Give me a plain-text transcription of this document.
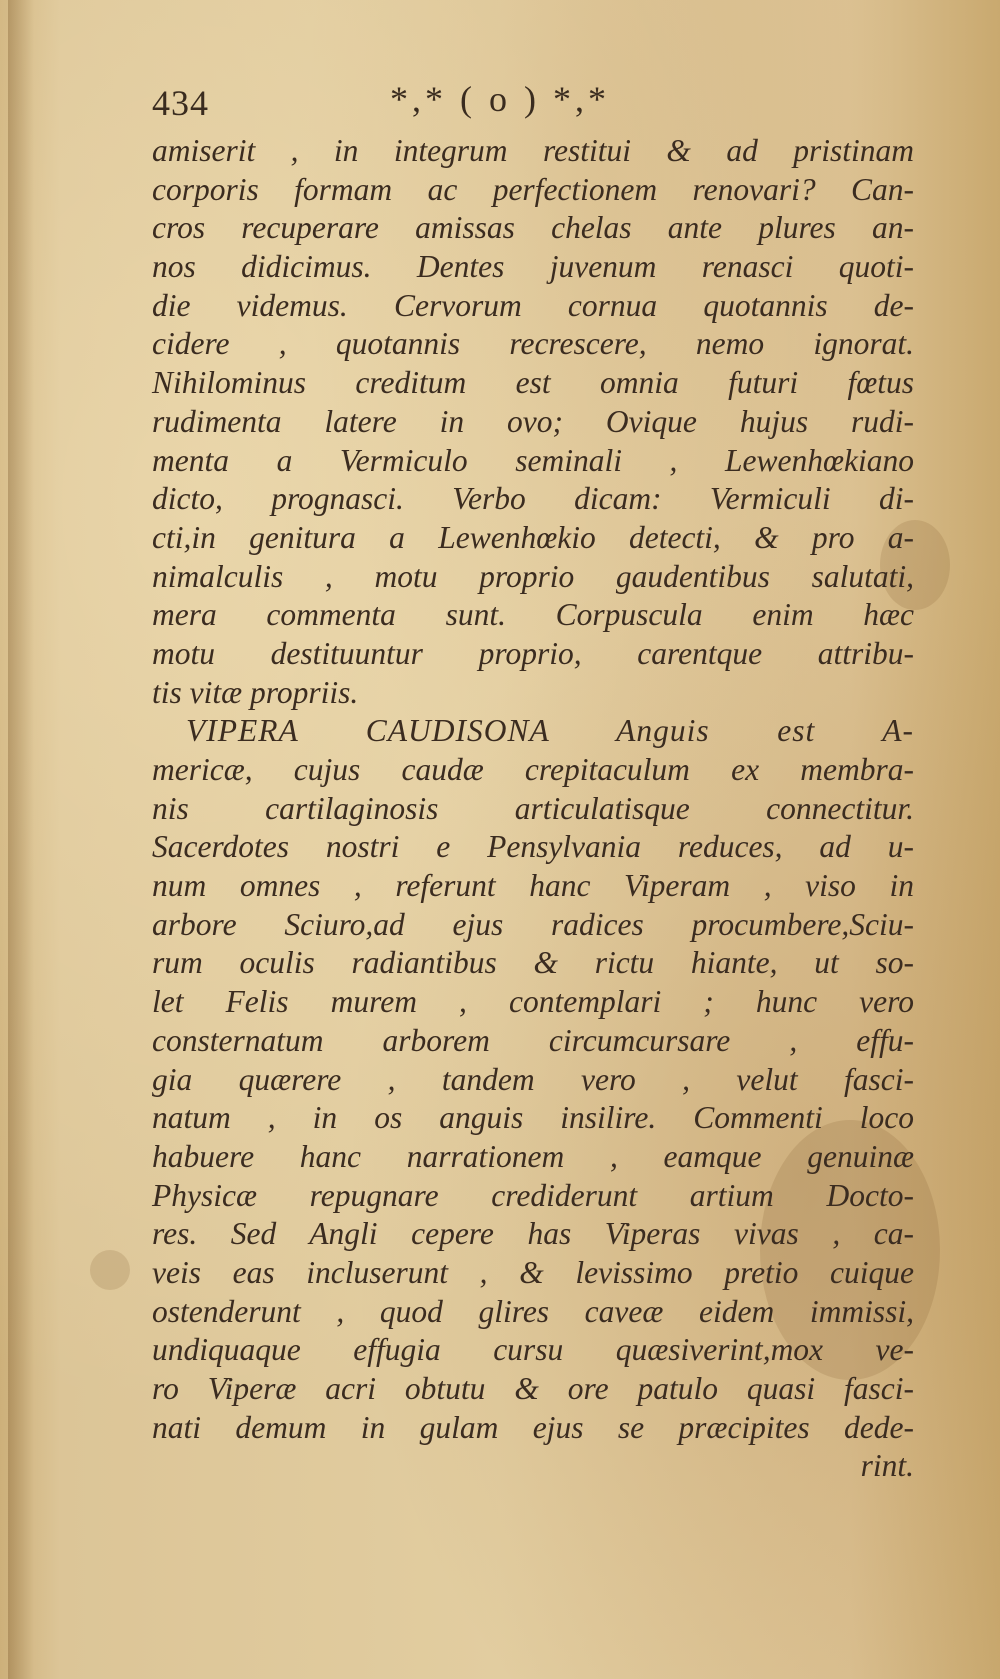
434	*,* ( o ) *,*
amiserit , in integrum restitui & ad pristinam
corporis formam ac perfectionem renovari? Can-
cros recuperare amissas chelas ante plures an-
nos didicimus. Dentes juvenum renasci quoti-
die videmus. Cervorum cornua quotannis de-
cidere , quotannis recrescere, nemo ignorat.
Nihilominus creditum est omnia futuri fœtus
rudimenta latere in ovo; Ovique hujus rudi-
menta a Vermiculo seminali , Lewenhœkiano
dicto, prognasci. Verbo dicam: Vermiculi di-
cti,in genitura a Lewenhœkio detecti, & pro a-
nimalculis , motu proprio gaudentibus salutati,
mera commenta sunt. Corpuscula enim hæc
motu destituuntur proprio, carentque attribu-
tis vitæ propriis.
VIPERA CAUDISONA Anguis est A-
mericæ, cujus caudæ crepitaculum ex membra-
nis cartilaginosis articulatisque connectitur.
Sacerdotes nostri e Pensylvania reduces, ad u-
num omnes , referunt hanc Viperam , viso in
arbore Sciuro,ad ejus radices procumbere,Sciu-
rum oculis radiantibus & rictu hiante, ut so-
let Felis murem , contemplari ; hunc vero
consternatum arborem circumcursare , effu-
gia quærere , tandem vero , velut fasci-
natum , in os anguis insilire. Commenti loco
habuere hanc narrationem , eamque genuinæ
Physicæ repugnare crediderunt artium Docto-
res. Sed Angli cepere has Viperas vivas , ca-
veis eas incluserunt , & levissimo pretio cuique
ostenderunt , quod glires caveæ eidem immissi,
undiquaque effugia cursu quæsiverint,mox ve-
ro Viperæ acri obtutu & ore patulo quasi fasci-
nati demum in gulam ejus se præcipites dede-
rint.
